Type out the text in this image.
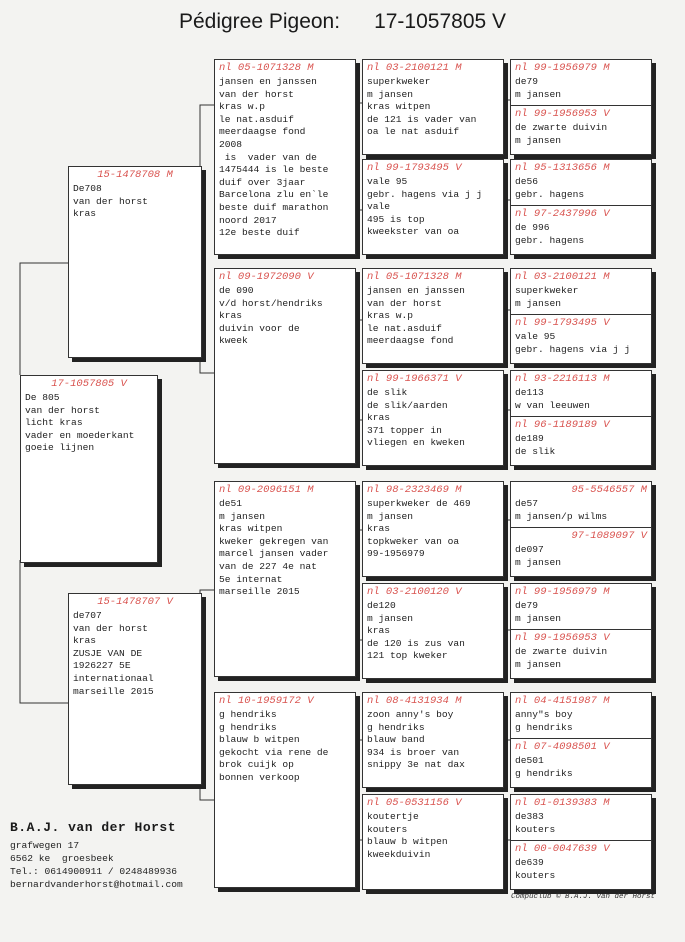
Pédigree Pigeon: 17-1057805 V
17-1057805 V
De 805
van der horst
licht kras
vader en moederkant
goeie lijnen
15-1478708 M
De708
van der horst
kras
15-1478707 V
de707
van der horst
kras
ZUSJE VAN DE
1926227 5E
internationaal
marseille 2015
nl 05-1071328 M
jansen en janssen
van der horst
kras w.p
le nat.asduif
meerdaagse fond
2008
is  vader van de
1475444 is le beste
duif over 3jaar
Barcelona zlu en`le
beste duif marathon
noord 2017
12e beste duif
nl 09-1972090 V
de 090
v/d horst/hendriks
kras
duivin voor de
kweek
nl 09-2096151 M
de51
m jansen
kras witpen
kweker gekregen van
marcel jansen vader
van de 227 4e nat
5e internat
marseille 2015
nl 10-1959172 V
g hendriks
g hendriks
blauw b witpen
gekocht via rene de
brok cuijk op
bonnen verkoop
nl 03-2100121 M
superkweker
m jansen
kras witpen
de 121 is vader van
oa le nat asduif
nl 99-1793495 V
vale 95
gebr. hagens via j j
vale
495 is top
kweekster van oa
nl 05-1071328 M
jansen en janssen
van der horst
kras w.p
le nat.asduif
meerdaagse fond
nl 99-1966371 V
de slik
de slik/aarden
kras
371 topper in
vliegen en kweken
nl 98-2323469 M
superkweker de 469
m jansen
kras
topkweker van oa
99-1956979
nl 03-2100120 V
de120
m jansen
kras
de 120 is zus van
121 top kweker
nl 08-4131934 M
zoon anny's boy
g hendriks
blauw band
934 is broer van
snippy 3e nat dax
nl 05-0531156 V
koutertje
kouters
blauw b witpen
kweekduivin
nl 99-1956979 M
de79
m jansen
nl 99-1956953 V
de zwarte duivin
m jansen
nl 95-1313656 M
de56
gebr. hagens
nl 97-2437996 V
de 996
gebr. hagens
nl 03-2100121 M
superkweker
m jansen
nl 99-1793495 V
vale 95
gebr. hagens via j j
nl 93-2216113 M
de113
w van leeuwen
nl 96-1189189 V
de189
de slik
95-5546557 M
de57
m jansen/p wilms
97-1089097 V
de097
m jansen
nl 99-1956979 M
de79
m jansen
nl 99-1956953 V
de zwarte duivin
m jansen
nl 04-4151987 M
anny"s boy
g hendriks
nl 07-4098501 V
de501
g hendriks
nl 01-0139383 M
de383
kouters
nl 00-0047639 V
de639
kouters
B.A.J. van der Horst
grafwegen 17
6562 ke  groesbeek
Tel.: 0614900911 / 0248489936
bernardvanderhorst@hotmail.com
Compuclub © B.A.J. van der Horst
